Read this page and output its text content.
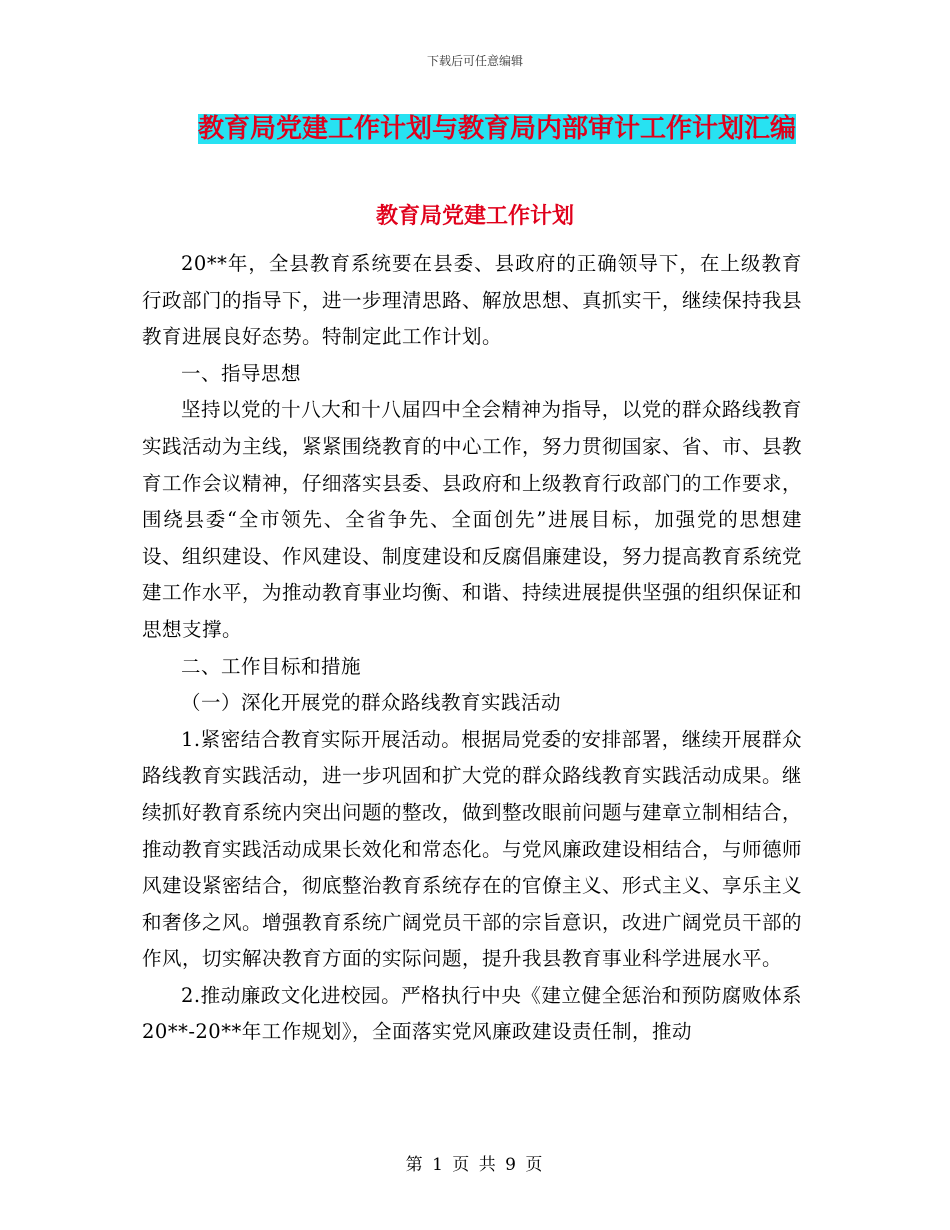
下载后可任意编辑
教育局党建工作计划与教育局内部审计工作计划汇编
教育局党建工作计划

20**年，全县教育系统要在县委、县政府的正确领导下，在上级教育行政部门的指导下，进一步理清思路、解放思想、真抓实干，继续保持我县教育进展良好态势。特制定此工作计划。

一、指导思想

坚持以党的十八大和十八届四中全会精神为指导，以党的群众路线教育实践活动为主线，紧紧围绕教育的中心工作，努力贯彻国家、省、市、县教育工作会议精神，仔细落实县委、县政府和上级教育行政部门的工作要求，围绕县委“全市领先、全省争先、全面创先”进展目标，加强党的思想建设、组织建设、作风建设、制度建设和反腐倡廉建设，努力提高教育系统党建工作水平，为推动教育事业均衡、和谐、持续进展提供坚强的组织保证和思想支撑。

二、工作目标和措施

（一）深化开展党的群众路线教育实践活动

1.紧密结合教育实际开展活动。根据局党委的安排部署，继续开展群众路线教育实践活动，进一步巩固和扩大党的群众路线教育实践活动成果。继续抓好教育系统内突出问题的整改，做到整改眼前问题与建章立制相结合，推动教育实践活动成果长效化和常态化。与党风廉政建设相结合，与师德师风建设紧密结合，彻底整治教育系统存在的官僚主义、形式主义、享乐主义和奢侈之风。增强教育系统广阔党员干部的宗旨意识，改进广阔党员干部的作风，切实解决教育方面的实际问题，提升我县教育事业科学进展水平。

2.推动廉政文化进校园。严格执行中央《建立健全惩治和预防腐败体系20**-20**年工作规划》，全面落实党风廉政建设责任制，推动

第 1 页 共 9 页
